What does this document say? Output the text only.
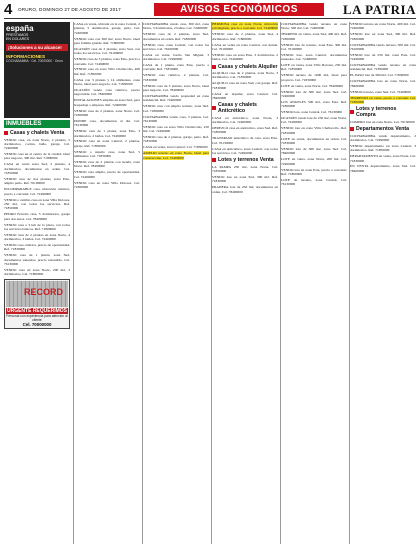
4 ORURO, DOMINGO 27 DE AGOSTO DE 2017	AVISOS ECONÓMICOS	LA PATRIA
españa
PRESTAMOS
EN DOLARES
¡Soluciones a su alcance!
INFORMACIONES
COCHABAMBA · Cel. 70000000 · Oruro
INMUEBLES
Casas y chalets Venta
VENDO casa, en zona Norte, 2 plantas, 5 dormitorios, cocina, baño, garaje. Cel. 72400000
VENDO casa en el centro de la ciudad, ideal para negocio, 300 m2. Ref. 71800000
CASA en venta zona Sud, 2 plantas, 4 dormitorios, documentos en orden. Cel. 71850000
VENDO casa de dos plantas, zona Este, amplio patio. Ref. 76100000
INCOMPARABLE casa, ubicación céntrica, precio a convenir. Cel. 72490000
VENDO o cambio casa en zona Villa Dolores, 250 m2, con todos los servicios. Ref. 71850000
PEDRO Ferreira casa, 5 dormitorios, garaje para dos autos. Cel. 78400000
VENDO casa a 3 km de la plaza, con todos los servicios básicos. Ref. 71800000
VENDO casa de 2 plantas en zona Norte, 4 dormitorios, 3 baños. Cel. 72400000
VENDO casa céntrica, precio de oportunidad. Ref. 71830000
VENDO casa de 1 planta, zona Sud, documentos saneados, precio razonable. Cel. 76130000
VENDO casa en zona Norte, 200 m2, 3 dormitorios. Cel. 71800000
RECORD
URGENTE REQUERIMOS
Personal con experiencia para atención al cliente
Cel. 70000000
CASA en venta, ubicada en la zona Central, 2 plantas, 5 dormitorios, garaje, patio. Cel. 72400000
VENDO casa con 360 m2, zona Norte, ideal para familia grande. Ref. 71800000
OCASIÓN casa de 2 plantas, zona Sud, con todos los servicios. Cel. 76100000
VENDO casa de 3 plantas, zona Este, precio a convenir. Cel. 72490000
VENDO casa en zona Villa Challacollo, 400 m2. Ref. 71850000
CASA con 3 plantas y 14 ambientes, zona Norte, ideal para negocio. Cel. 71830000
OCASIÓN vendo casa céntrica, precio negociable. Cel. 78400000
INSTALACIONES amplias en zona Sud, para hospedaje o empresa. Ref. 72400000
VENDO casa de 2 plantas, zona Norte. Cel. 71800000
DONDE casa, documentos al día. Cel. 76130000
VENDO casa de 1 planta, zona Este, 3 dormitorios, 2 baños. Cel. 72490000
VENDO casa en zona Central, 2 plantas, garaje. Ref. 71850000
VENDO o alquilo casa, zona Sud, 5 ambientes. Cel. 71830000
VENDO casa de 2 plantas con tienda, zona Norte. Ref. 78400000
VENDO casa amplia, precio de oportunidad. Cel. 72400000
VENDO casa en zona Villa Dolores. Cel. 71800000
COCHABAMBA vendo casa, 300 m2, zona Norte, 3 dormitorios, 2 baños. Cel. 72400000
VENDO casa de 2 plantas, zona Sud, documentos en orden. Ref. 71800000
VENDO casa, zona Central, con todos los servicios. Cel. 76100000
CASA en venta, barrio San Miguel, 3 dormitorios. Cel. 72490000
CASA de 1 planta, zona Este, precio a convenir. Ref. 71850000
VENDO casa céntrica, 2 plantas. Cel. 71830000
VENDO casa de 3 plantas, zona Norte, ideal para negocio. Cel. 78400000
COCHABAMBA vendo propiedad en zona residencial. Ref. 72400000
VENDO casa con amplio terreno, zona Sud. Cel. 71800000
COCHABAMBA vendo casa, 3 plantas. Cel. 76130000
VENDO casa en zona Villa Challacollo, 250 m2. Cel. 72490000
VENDO casa de 2 plantas, garaje, patio. Ref. 71850000
CASA en venta, zona Central. Cel. 71830000
AMPLIO terreno en zona Norte, ideal para construcción. Cel. 72400000
HERMOSA casa en zona Norte, ubicación privilegiada, precio a convenir. Cel. 72400000
VENDO casa de 2 plantas, zona Sud, 4 dormitorios. Ref. 71800000
CASA en venta en zona Central, con tienda. Cel. 76100000
VENDO casa en zona Este, 3 dormitorios, 2 baños. Cel. 72490000
Casas y chalets Alquiler
ALQUILO casa de 2 plantas, zona Norte, 3 dormitorios. Cel. 71850000
ALQUILO casa en zona Sud, con garaje. Ref. 71830000
CASA en alquiler, zona Central. Cel. 78400000
Casas y chalets Anticrético
CASA en anticrético, zona Norte, 3 dormitorios. Cel. 72400000
OFREZCO casa en anticrético, zona Sud. Ref. 71800000
TRANSPASO anticrético de casa, zona Este. Cel. 76130000
CASA en anticrético, zona Central, con todos los servicios. Cel. 72490000
Lotes y terrenos Venta
LA PAMPA 250 m2, zona Norte. Cel. 71850000
VENDO lote en zona Sud, 300 m2. Ref. 71830000
PRADERA lote de 250 m2, documentos en orden. Cel. 78400000
COCHABAMBA vendo terreno en zona Norte, 500 m2. Cel. 72400000
TERRENO en venta, zona Sud, 400 m2. Ref. 71800000
VENDO lote de terreno, zona Este, 300 m2. Cel. 76100000
VENDO lote, zona Central, documentos saneados. Cel. 72490000
LOTE en venta, zona Villa Dolores, 250 m2. Ref. 71850000
VENDO terreno de 1000 m2, ideal para proyecto. Cel. 71830000
LOTE en venta, zona Norte. Cel. 78400000
VENDO lote de 360 m2, zona Sud. Cel. 72400000
LOS ANGELES 500 m2, zona Este. Ref. 71800000
VENDO lote, zona Central. Cel. 76130000
OCASIÓN vendo lote de 250 m2, zona Norte. Cel. 72490000
VENDO lote en zona Villa Challacollo. Ref. 71850000
LOTE en venta, documentos en orden. Cel. 71830000
VENDO lote de 300 m2, zona Sud. Cel. 78400000
LOTE en venta, zona Norte, 200 m2. Cel. 72400000
VENDO lote en zona Este, precio a convenir. Ref. 71800000
LOTE de terreno, zona Central. Cel. 76130000
VENDO terreno en zona Norte, 400 m2. Cel. 72400000
VENDO lote en zona Sud, 300 m2. Ref. 71800000
COCHABAMBA vendo terreno, 500 m2. Cel. 76100000
VENDO lote de 250 m2, zona Este. Cel. 72490000
COCHABAMBA vendo terreno en zona residencial. Ref. 71850000
EL PASO lote de 300 m2. Cel. 71830000
COCHABAMBA lote en zona Norte. Cel. 78400000
VENDO terreno, zona Sud. Cel. 72400000
TERRENOS en venta, precio a convenir. Cel. 71800000
Lotes y terrenos Compra
COMPRO lote en zona Norte. Cel. 76130000
Departamentos Venta
COCHABAMBA vendo departamento, 2 dormitorios. Cel. 72490000
VENDO departamento en zona Central, 3 dormitorios. Ref. 71850000
DEPARTAMENTO en venta, zona Norte. Cel. 71830000
EN VENTA departamento, zona Sud. Cel. 78400000
